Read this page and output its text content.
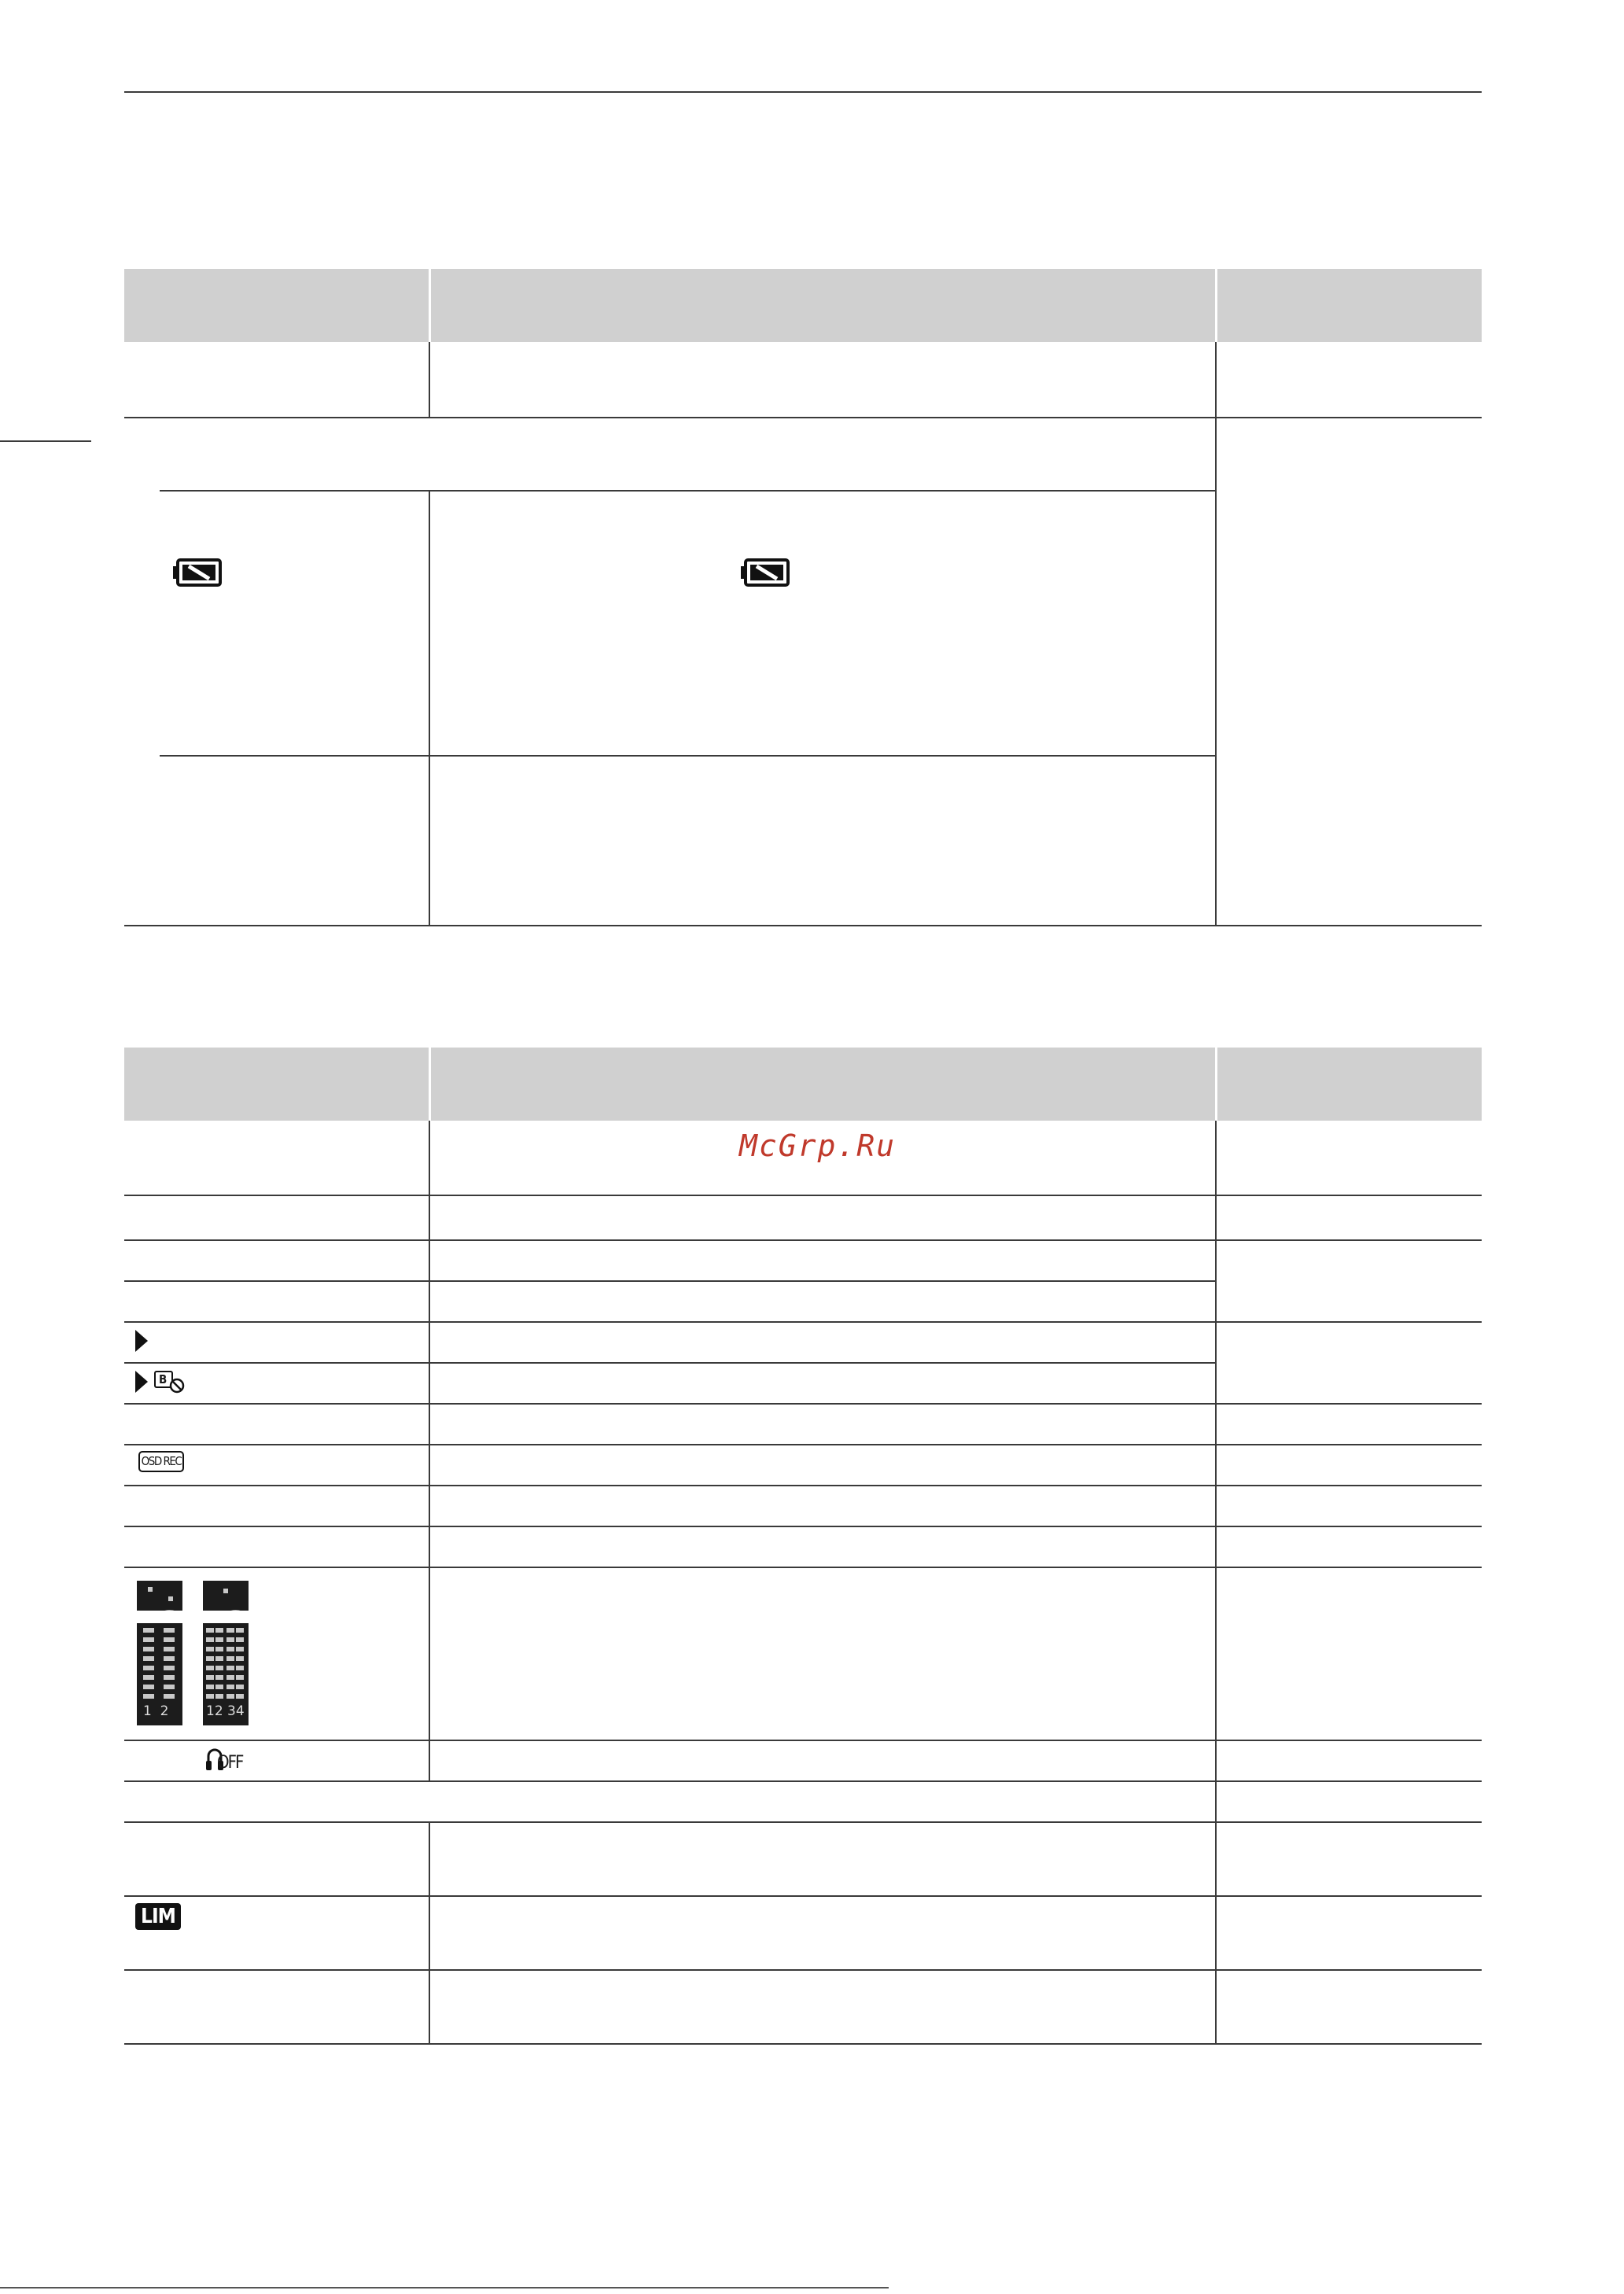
B
OSD REC
1  2	12 34
OFF
LIM
McGrp.Ru
